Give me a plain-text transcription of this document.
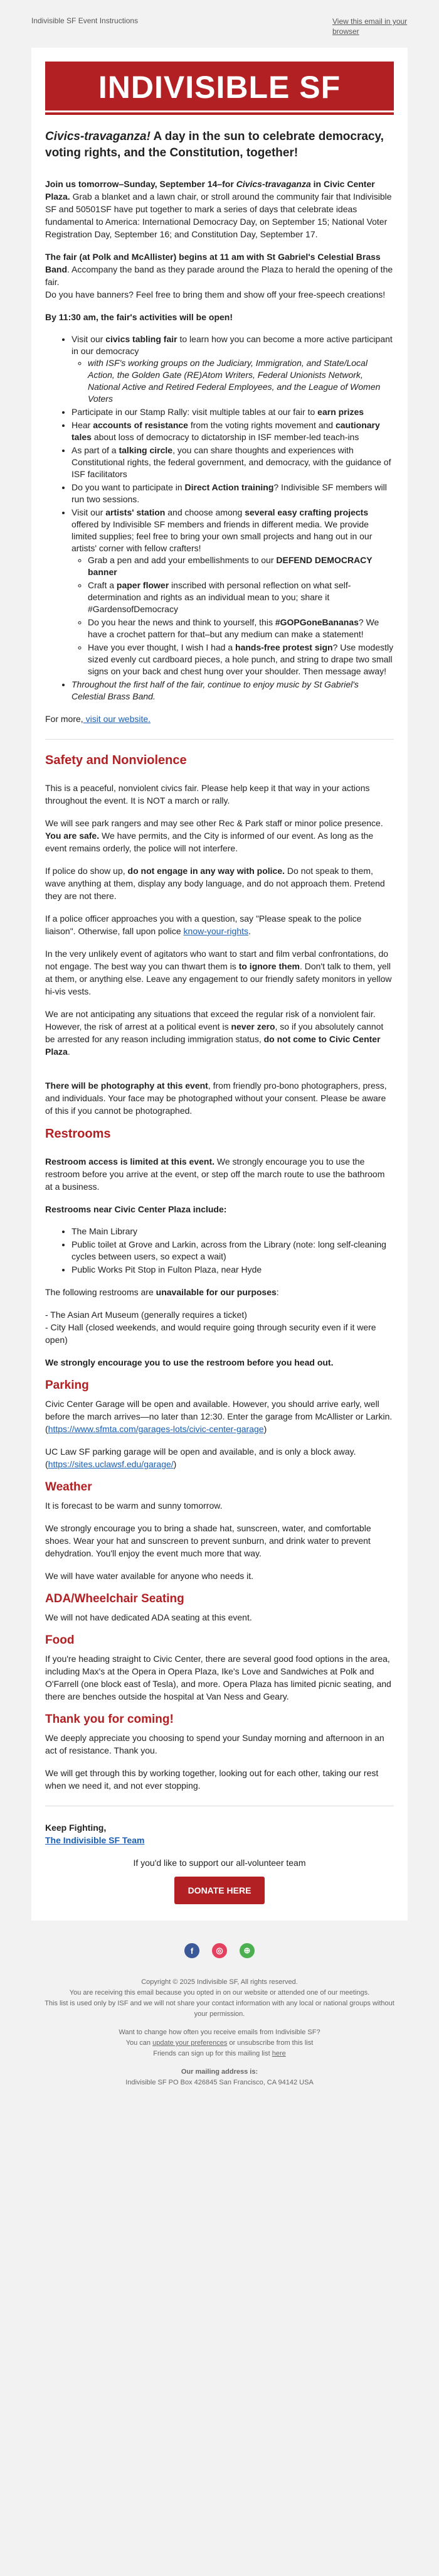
Indivisible SF Event Instructions	View this email in your browser
INDIVISIBLE SF

Civics-travaganza! A day in the sun to celebrate democracy, voting rights, and the Constitution, together!

Join us tomorrow–Sunday, September 14–for Civics-travaganza in Civic Center Plaza. Grab a blanket and a lawn chair, or stroll around the community fair that Indivisible SF and 50501SF have put together to mark a series of days that celebrate ideas fundamental to America: International Democracy Day, on September 15; National Voter Registration Day, September 16; and Constitution Day, September 17.

The fair (at Polk and McAllister) begins at 11 am with St Gabriel's Celestial Brass Band. Accompany the band as they parade around the Plaza to herald the opening of the fair.
Do you have banners? Feel free to bring them and show off your free-speech creations!

By 11:30 am, the fair's activities will be open!

• Visit our civics tabling fair to learn how you can become a more active participant in our democracy
◦ with ISF's working groups on the Judiciary, Immigration, and State/Local Action, the Golden Gate (RE)Atom Writers, Federal Unionists Network, National Active and Retired Federal Employees, and the League of Women Voters
• Participate in our Stamp Rally: visit multiple tables at our fair to earn prizes
• Hear accounts of resistance from the voting rights movement and cautionary tales about loss of democracy to dictatorship in ISF member-led teach-ins
• As part of a talking circle, you can share thoughts and experiences with Constitutional rights, the federal government, and democracy, with the guidance of ISF facilitators
• Do you want to participate in Direct Action training? Indivisible SF members will run two sessions.
• Visit our artists' station and choose among several easy crafting projects offered by Indivisible SF members and friends in different media. We provide limited supplies; feel free to bring your own small projects and hang out in our artists' corner with fellow crafters!
◦ Grab a pen and add your embellishments to our DEFEND DEMOCRACY banner
◦ Craft a paper flower inscribed with personal reflection on what self-determination and rights as an individual mean to you; share it #GardensofDemocracy
◦ Do you hear the news and think to yourself, this #GOPGoneBananas? We have a crochet pattern for that–but any medium can make a statement!
◦ Have you ever thought, I wish I had a hands-free protest sign? Use modestly sized evenly cut cardboard pieces, a hole punch, and string to drape two small signs on your back and chest hung over your shoulder. Then message away!
• Throughout the first half of the fair, continue to enjoy music by St Gabriel's Celestial Brass Band.

For more, visit our website.

Safety and Nonviolence

This is a peaceful, nonviolent civics fair. Please help keep it that way in your actions throughout the event. It is NOT a march or rally.

We will see park rangers and may see other Rec & Park staff or minor police presence. You are safe. We have permits, and the City is informed of our event. As long as the event remains orderly, the police will not interfere.

If police do show up, do not engage in any way with police. Do not speak to them, wave anything at them, display any body language, and do not approach them. Pretend they are not there.

If a police officer approaches you with a question, say "Please speak to the police liaison". Otherwise, fall upon police know-your-rights.

In the very unlikely event of agitators who want to start and film verbal confrontations, do not engage. The best way you can thwart them is to ignore them. Don't talk to them, yell at them, or anything else. Leave any engagement to our friendly safety monitors in yellow hi-vis vests.

We are not anticipating any situations that exceed the regular risk of a nonviolent fair. However, the risk of arrest at a political event is never zero, so if you absolutely cannot be arrested for any reason including immigration status, do not come to Civic Center Plaza.

There will be photography at this event, from friendly pro-bono photographers, press, and individuals. Your face may be photographed without your consent. Please be aware of this if you cannot be photographed.

Restrooms

Restroom access is limited at this event. We strongly encourage you to use the restroom before you arrive at the event, or step off the march route to use the bathroom at a business.

Restrooms near Civic Center Plaza include:

• The Main Library
• Public toilet at Grove and Larkin, across from the Library (note: long self-cleaning cycles between users, so expect a wait)
• Public Works Pit Stop in Fulton Plaza, near Hyde

The following restrooms are unavailable for our purposes:

- The Asian Art Museum (generally requires a ticket)
- City Hall (closed weekends, and would require going through security even if it were open)

We strongly encourage you to use the restroom before you head out.

Parking

Civic Center Garage will be open and available. However, you should arrive early, well before the march arrives—no later than 12:30. Enter the garage from McAllister or Larkin. (https://www.sfmta.com/garages-lots/civic-center-garage)

UC Law SF parking garage will be open and available, and is only a block away. (https://sites.uclawsf.edu/garage/)

Weather

It is forecast to be warm and sunny tomorrow.

We strongly encourage you to bring a shade hat, sunscreen, water, and comfortable shoes. Wear your hat and sunscreen to prevent sunburn, and drink water to prevent dehydration. You'll enjoy the event much more that way.

We will have water available for anyone who needs it.

ADA/Wheelchair Seating

We will not have dedicated ADA seating at this event.

Food

If you're heading straight to Civic Center, there are several good food options in the area, including Max's at the Opera in Opera Plaza, Ike's Love and Sandwiches at Polk and O'Farrell (one block east of Tesla), and more. Opera Plaza has limited picnic seating, and there are benches outside the hospital at Van Ness and Geary.

Thank you for coming!

We deeply appreciate you choosing to spend your Sunday morning and afternoon in an act of resistance. Thank you.

We will get through this by working together, looking out for each other, taking our rest when we need it, and not ever stopping.

Keep Fighting,
The Indivisible SF Team

If you'd like to support our all-volunteer team

DONATE HERE
f	◎	⊕

Copyright © 2025 Indivisible SF, All rights reserved.
You are receiving this email because you opted in on our website or attended one of our meetings.
This list is used only by ISF and we will not share your contact information with any local or national groups without your permission.

Want to change how often you receive emails from Indivisible SF?
You can update your preferences or unsubscribe from this list
Friends can sign up for this mailing list here

Our mailing address is:
Indivisible SF PO Box 426845 San Francisco, CA 94142 USA
